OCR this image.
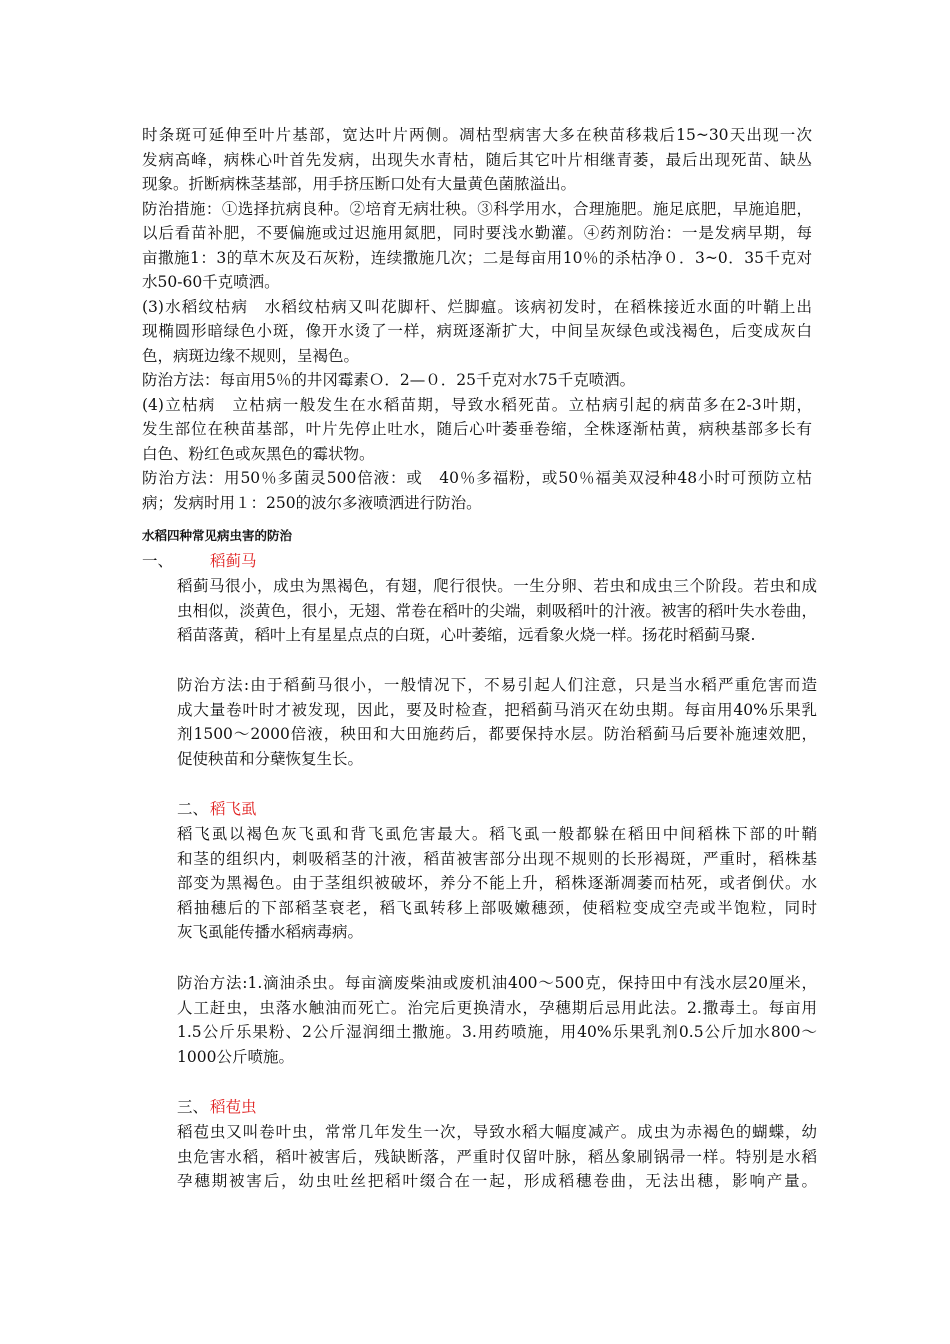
时条斑可延伸至叶片基部，宽达叶片两侧。凋枯型病害大多在秧苗移栽后15~30天出现一次
发病高峰，病株心叶首先发病，出现失水青枯，随后其它叶片相继青萎，最后出现死苗、缺丛
现象。折断病株茎基部，用手挤压断口处有大量黄色菌脓溢出。
防治措施：①选择抗病良种。②培育无病壮秧。③科学用水，合理施肥。施足底肥，早施追肥，
以后看苗补肥，不要偏施或过迟施用氮肥，同时要浅水勤灌。④药剂防治：一是发病早期，每
亩撒施1：3的草木灰及石灰粉，连续撒施几次；二是每亩用10％的杀枯净０．3~0．35千克对
水50-60千克喷洒。
(3)水稻纹枯病　水稻纹枯病又叫花脚杆、烂脚瘟。该病初发时，在稻株接近水面的叶鞘上出
现椭圆形暗绿色小斑，像开水烫了一样，病斑逐渐扩大，中间呈灰绿色或浅褐色，后变成灰白
色，病斑边缘不规则，呈褐色。
防治方法：每亩用5％的井冈霉素Ｏ．2—０．25千克对水75千克喷洒。
(4)立枯病　立枯病一般发生在水稻苗期，导致水稻死苗。立枯病引起的病苗多在2-3叶期，
发生部位在秧苗基部，叶片先停止吐水，随后心叶萎垂卷缩，全株逐渐枯黄，病秧基部多长有
白色、粉红色或灰黑色的霉状物。
防治方法：用50％多菌灵500倍液：或　40％多福粉，或50％福美双浸种48小时可预防立枯
病；发病时用１：250的波尔多液喷洒进行防治。
水稻四种常见病虫害的防治
一、 稻蓟马
稻蓟马很小，成虫为黑褐色，有翅，爬行很快。一生分卵、若虫和成虫三个阶段。若虫和成
虫相似，淡黄色，很小，无翅、常卷在稻叶的尖端，刺吸稻叶的汁液。被害的稻叶失水卷曲，
稻苗落黄，稻叶上有星星点点的白斑，心叶萎缩，远看象火烧一样。扬花时稻蓟马聚.
防治方法:由于稻蓟马很小，一般情况下，不易引起人们注意，只是当水稻严重危害而造
成大量卷叶时才被发现，因此，要及时检查，把稻蓟马消灭在幼虫期。每亩用40%乐果乳
剂1500～2000倍液，秧田和大田施药后，都要保持水层。防治稻蓟马后要补施速效肥，
促使秧苗和分蘖恢复生长。
二、 稻飞虱
稻飞虱以褐色灰飞虱和背飞虱危害最大。稻飞虱一般都躲在稻田中间稻株下部的叶鞘
和茎的组织内，刺吸稻茎的汁液，稻苗被害部分出现不规则的长形褐斑，严重时，稻株基
部变为黑褐色。由于茎组织被破坏，养分不能上升，稻株逐渐凋萎而枯死，或者倒伏。水
稻抽穗后的下部稻茎衰老，稻飞虱转移上部吸嫩穗颈，使稻粒变成空壳或半饱粒，同时
灰飞虱能传播水稻病毒病。
防治方法:1.滴油杀虫。每亩滴废柴油或废机油400～500克，保持田中有浅水层20厘米，
人工赶虫，虫落水触油而死亡。治完后更换清水，孕穗期后忌用此法。2.撒毒土。每亩用
1.5公斤乐果粉、2公斤湿润细土撒施。3.用药喷施，用40%乐果乳剂0.5公斤加水800～
1000公斤喷施。
三、 稻苞虫
稻苞虫又叫卷叶虫，常常几年发生一次，导致水稻大幅度减产。成虫为赤褐色的蝴蝶，幼
虫危害水稻，稻叶被害后，残缺断落，严重时仅留叶脉，稻丛象刷锅帚一样。特别是水稻
孕穗期被害后，幼虫吐丝把稻叶缀合在一起，形成稻穗卷曲，无法出穗，影响产量。
